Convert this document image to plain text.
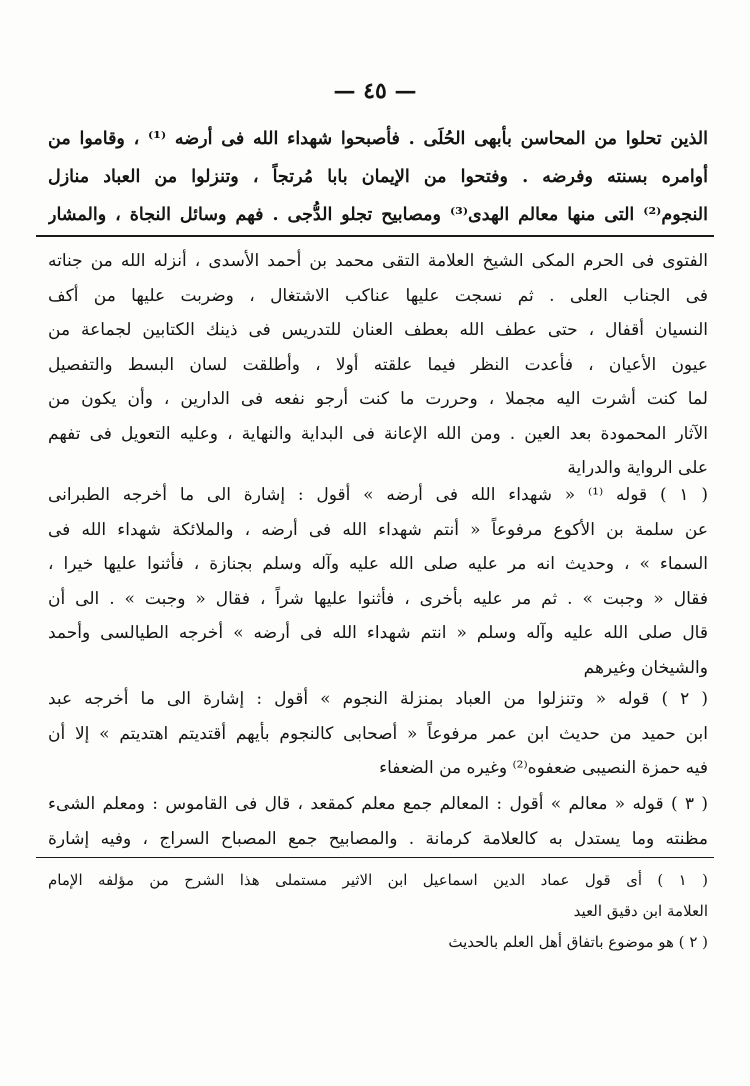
— ٤٥ —
الذين تحلوا من المحاسن بأبهى الحُلَى . فأصبحوا شهداء الله فى أرضه ⁽¹⁾ ، وقاموا من
أوامره بسنته وفرضه . وفتحوا من الإيمان بابا مُرتجاً ، وتنزلوا من العباد منازل
النجوم⁽²⁾ التى منها معالم الهدى⁽³⁾ ومصابيح تجلو الدُّجى . فهم وسائل النجاة ، والمشار
الفتوى فى الحرم المكى الشيخ العلامة التقى محمد بن أحمد الأسدى ، أنزله الله من جناته
فى الجناب العلى . ثم نسجت عليها عناكب الاشتغال ، وضربت عليها من أكف
النسيان أقفال ، حتى عطف الله بعطف العنان للتدريس فى ذينك الكتابين لجماعة من
عيون الأعيان ، فأعدت النظر فيما علقته أولا ، وأطلقت لسان البسط والتفصيل
لما كنت أشرت اليه مجملا ، وحررت ما كنت أرجو نفعه فى الدارين ، وأن يكون من
الآثار المحمودة بعد العين . ومن الله الإعانة فى البداية والنهاية ، وعليه التعويل فى تفهم
على الرواية والدراية
( ١ ) قوله ⁽¹⁾ « شهداء الله فى أرضه » أقول : إشارة الى ما أخرجه الطبرانى
عن سلمة بن الأكوع مرفوعاً « أنتم شهداء الله فى أرضه ، والملائكة شهداء الله فى
السماء » ، وحديث انه مر عليه صلى الله عليه وآله وسلم بجنازة ، فأثنوا عليها خيرا ،
فقال « وجبت » . ثم مر عليه بأخرى ، فأثنوا عليها شراً ، فقال « وجبت » . الى أن
قال صلى الله عليه وآله وسلم « انتم شهداء الله فى أرضه » أخرجه الطيالسى وأحمد
والشيخان وغيرهم
( ٢ ) قوله « وتنزلوا من العباد بمنزلة النجوم » أقول : إشارة الى ما أخرجه عبد
ابن حميد من حديث ابن عمر مرفوعاً « أصحابى كالنجوم بأيهم أقتديتم اهتديتم » إلا أن
فيه حمزة النصيبى ضعفوه⁽²⁾ وغيره من الضعفاء
( ٣ ) قوله « معالم » أقول : المعالم جمع معلم كمقعد ، قال فى القاموس : ومعلم الشىء
مظنته وما يستدل به كالعلامة كرمانة . والمصابيح جمع المصباح السراج ، وفيه إشارة
( ١ ) أى قول عماد الدين اسماعيل ابن الاثير مستملى هذا الشرح من مؤلفه الإمام
العلامة ابن دقيق العيد
( ٢ ) هو موضوع باتفاق أهل العلم بالحديث
